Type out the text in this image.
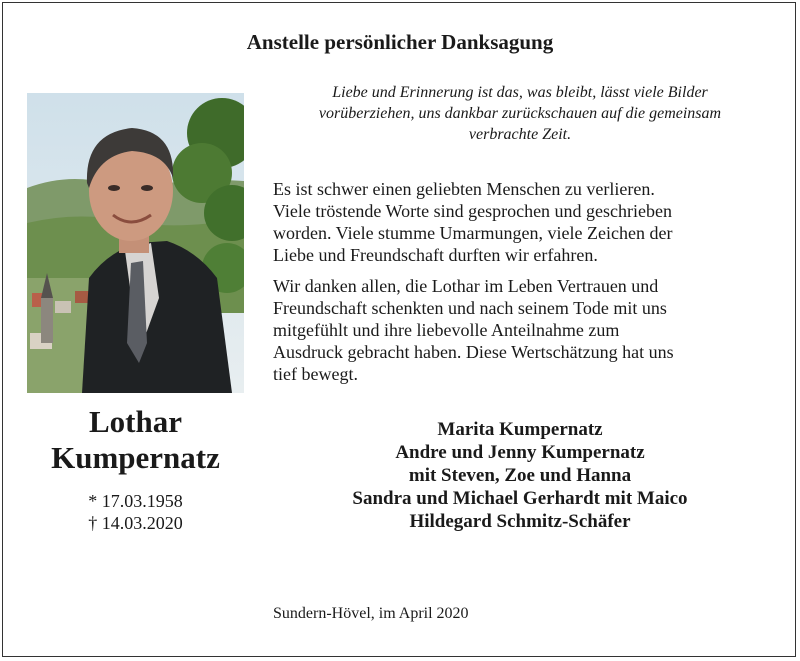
Anstelle persönlicher Danksagung
Liebe und Erinnerung ist das, was bleibt, lässt viele Bilder
vorüberziehen, uns dankbar zurückschauen auf die gemeinsam
verbrachte Zeit.
Es ist schwer einen geliebten Menschen zu verlieren.
Viele tröstende Worte sind gesprochen und geschrieben
worden. Viele stumme Umarmungen, viele Zeichen der
Liebe und Freundschaft durften wir erfahren.
Wir danken allen, die Lothar im Leben Vertrauen und
Freundschaft schenkten und nach seinem Tode mit uns
mitgefühlt und ihre liebevolle Anteilnahme zum
Ausdruck gebracht haben. Diese Wertschätzung hat uns
tief bewegt.
Lothar
Kumpernatz
* 17.03.1958
† 14.03.2020
Marita Kumpernatz
Andre und Jenny Kumpernatz
mit Steven, Zoe und Hanna
Sandra und Michael Gerhardt mit Maico
Hildegard Schmitz-Schäfer
Sundern-Hövel, im April 2020
